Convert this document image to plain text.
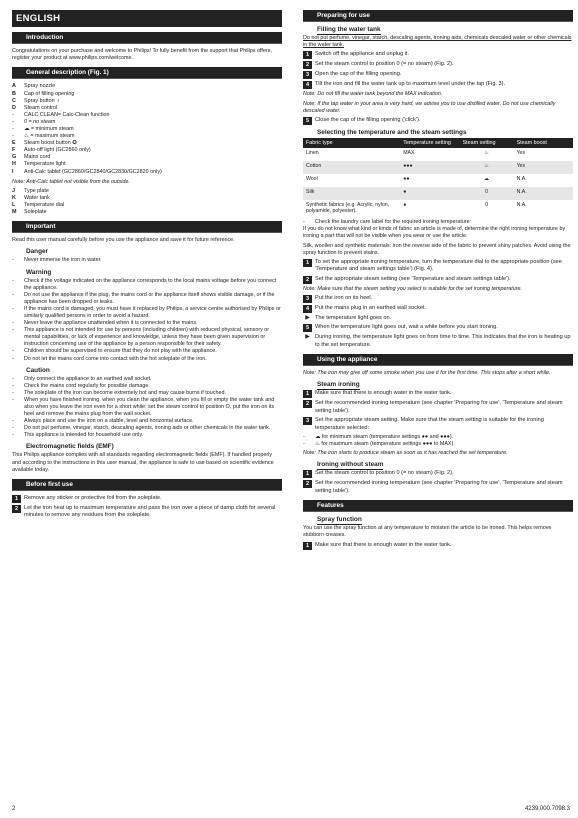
ENGLISH
Introduction

Congratulations on your purchase and welcome to Philips! To fully benefit from the support that Philips offers, register your product at www.philips.com/welcome.

General description (Fig. 1)
A	Spray nozzle
B	Cap of filling opening
C	Spray button ♁
D	Steam control
-	CALC CLEAN= Calc-Clean function
-	0 = no steam
-	☁ = minimum steam
-	♨ = maximum steam
E	Steam boost button ✪
F	Auto-off light (GC2860 only)
G	Mains cord
H	Temperature light
I	Anti-Calc tablet (GC2860/GC2840/GC2830/GC2820 only)

Note: Anti-Calc tablet not visible from the outside.

J	Type plate
K	Water tank
L	Temperature dial
M	Soleplate
Important

Read this user manual carefully before you use the appliance and save it for future reference.

Danger
-	Never immerse the iron in water.
Warning
-	Check if the voltage indicated on the appliance corresponds to the local mains voltage before you connect the appliance.
-	Do not use the appliance if the plug, the mains cord or the appliance itself shows visible damage, or if the appliance has been dropped or leaks.
-	If the mains cord is damaged, you must have it replaced by Philips, a service centre authorised by Philips or similarly qualified persons in order to avoid a hazard.
-	Never leave the appliance unattended when it is connected to the mains.
-	This appliance is not intended for use by persons (including children) with reduced physical, sensory or mental capabilities, or lack of experience and knowledge, unless they have been given supervision or instruction concerning use of the appliance by a person responsible for their safety.
-	Children should be supervised to ensure that they do not play with the appliance.
-	Do not let the mains cord come into contact with the hot soleplate of the iron.
Caution
-	Only connect the appliance to an earthed wall socket.
-	Check the mains cord regularly for possible damage.
-	The soleplate of the iron can become extremely hot and may cause burns if touched.
-	When you have finished ironing, when you clean the appliance, when you fill or empty the water tank and also when you leave the iron even for a short while: set the steam control to position O, put the iron on its heel and remove the mains plug from the wall socket.
-	Always place and use the iron on a stable, level and horizontal surface.
-	Do not put perfume, vinegar, starch, descaling agents, ironing aids or other chemicals in the water tank.
-	This appliance is intended for household use only.
Electromagnetic fields (EMF)

This Philips appliance complies with all standards regarding electromagnetic fields (EMF). If handled properly and according to the instructions in this user manual, the appliance is safe to use based on scientific evidence available today.

Before first use
1	Remove any sticker or protective foil from the soleplate.
2	Let the iron heat up to maximum temperature and pass the iron over a piece of damp cloth for several minutes to remove any residues from the soleplate.
Preparing for use
Filling the water tank

Do not put perfume, vinegar, starch, descaling agents, ironing aids, chemicals descaled water or other chemicals in the water tank.

1	Switch off the appliance and unplug it.
2	Set the steam control to position 0 (= no steam) (Fig. 2).
3	Open the cap of the filling opening.
4	Tilt the iron and fill the water tank up to maximum level under the tap (Fig. 3).

Note: Do not fill the water tank beyond the MAX indication.

Note: If the tap water in your area is very hard, we advise you to use distilled water. Do not use chemically descaled water.

5	Close the cap of the filling opening ('click').
Selecting the temperature and the steam settings
Fabric type	Temperature setting	Steam setting	Steam boost
Linen	MAX	♨	Yes
Cotton	●●●	♨	Yes
Wool	●●	☁	N.A.
Silk	●	0	N.A.
Synthetic fabrics (e.g. Acrylic, nylon, polyamide, polyester).	●	0	N.A.
-	Check the laundry care label for the required ironing temperature:

If you do not know what kind or kinds of fabric an article is made of, determine the right ironing temperature by ironing a part that will not be visible when you wear or use the article.

Silk, woollen and synthetic materials: iron the reverse side of the fabric to prevent shiny patches. Avoid using the spray function to prevent stains.

1	To set the appropriate ironing temperature, turn the temperature dial to the appropriate position (see 'Temperature and steam settings table') (Fig. 4).
2	Set the appropriate steam setting (see 'Temperature and steam settings table').

Note: Make sure that the steam setting you select is suitable for the set ironing temperature.

3	Put the iron on its heel.
4	Put the mains plug in an earthed wall socket.
▶ The temperature light goes on.
5	When the temperature light goes out, wait a while before you start ironing.
▶ During ironing, the temperature light goes on from time to time. This indicates that the iron is heating up to the set temperature.
Using the appliance

Note: The iron may give off some smoke when you use it for the first time. This stops after a short while.

Steam ironing
1	Make sure that there is enough water in the water tank.
2	Set the recommended ironing temperature (see chapter 'Preparing for use', 'Temperature and steam setting table').
3	Set the appropriate steam setting. Make sure that the steam setting is suitable for the ironing temperature selected:
-	☁ for minimum steam (temperature settings ●● and ●●●).
-	♨ for maximum steam (temperature settings ●●● to MAX).

Note: The iron starts to produce steam as soon as it has reached the set temperature.

Ironing without steam
1	Set the steam control to position 0 (= no steam) (Fig. 2).
2	Set the recommended ironing temperature (see chapter 'Preparing for use', 'Temperature and steam setting table').
Features
Spray function

You can use the spray function at any temperature to moisten the article to be ironed. This helps remove stubborn creases.

1	Make sure that there is enough water in the water tank.
2	4239.000.7098.3
